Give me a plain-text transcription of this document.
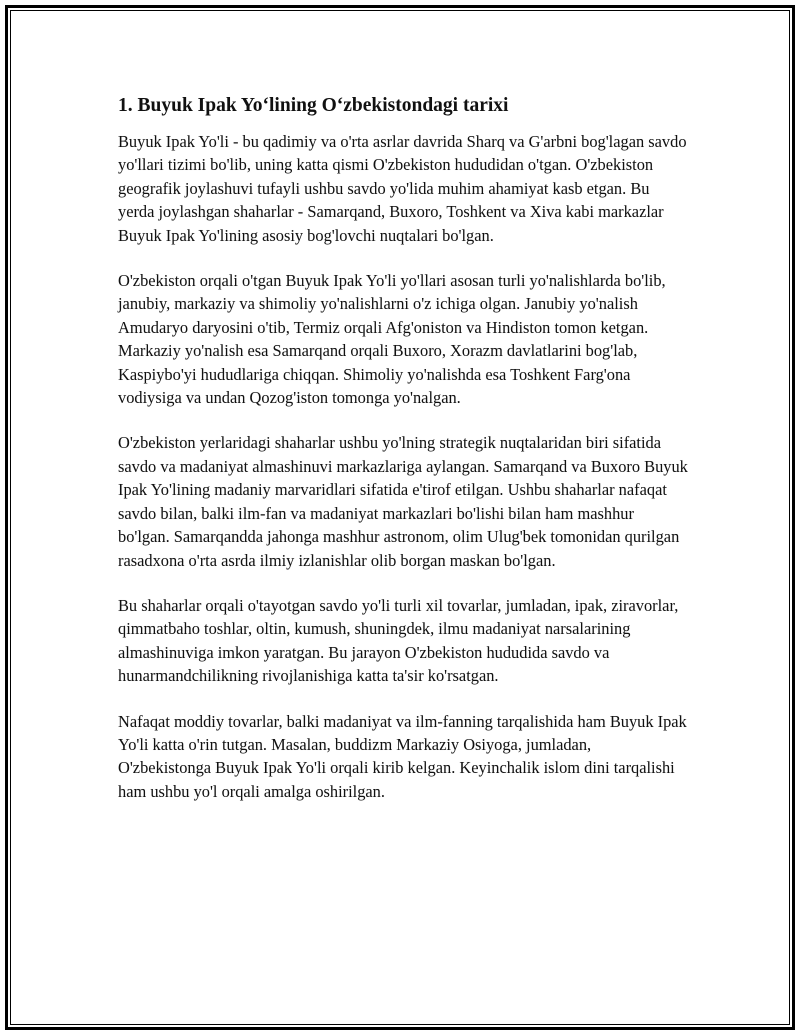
1. Buyuk Ipak Yo‘lining O‘zbekistondagi tarixi

Buyuk Ipak Yo'li - bu qadimiy va o'rta asrlar davrida Sharq va G'arbni bog'lagan savdo yo'llari tizimi bo'lib, uning katta qismi O'zbekiston hududidan o'tgan. O'zbekiston geografik joylashuvi tufayli ushbu savdo yo'lida muhim ahamiyat kasb etgan. Bu yerda joylashgan shaharlar - Samarqand, Buxoro, Toshkent va Xiva kabi markazlar Buyuk Ipak Yo'lining asosiy bog'lovchi nuqtalari bo'lgan.

O'zbekiston orqali o'tgan Buyuk Ipak Yo'li yo'llari asosan turli yo'nalishlarda bo'lib, janubiy, markaziy va shimoliy yo'nalishlarni o'z ichiga olgan. Janubiy yo'nalish Amudaryo daryosini o'tib, Termiz orqali Afg'oniston va Hindiston tomon ketgan. Markaziy yo'nalish esa Samarqand orqali Buxoro, Xorazm davlatlarini bog'lab, Kaspiybo'yi hududlariga chiqqan. Shimoliy yo'nalishda esa Toshkent Farg'ona vodiysiga va undan Qozog'iston tomonga yo'nalgan.

O'zbekiston yerlaridagi shaharlar ushbu yo'lning strategik nuqtalaridan biri sifatida savdo va madaniyat almashinuvi markazlariga aylangan. Samarqand va Buxoro Buyuk Ipak Yo'lining madaniy marvaridlari sifatida e'tirof etilgan. Ushbu shaharlar nafaqat savdo bilan, balki ilm-fan va madaniyat markazlari bo'lishi bilan ham mashhur bo'lgan. Samarqandda jahonga mashhur astronom, olim Ulug'bek tomonidan qurilgan rasadxona o'rta asrda ilmiy izlanishlar olib borgan maskan bo'lgan.

Bu shaharlar orqali o'tayotgan savdo yo'li turli xil tovarlar, jumladan, ipak, ziravorlar, qimmatbaho toshlar, oltin, kumush, shuningdek, ilmu madaniyat narsalarining almashinuviga imkon yaratgan. Bu jarayon O'zbekiston hududida savdo va hunarmandchilikning rivojlanishiga katta ta'sir ko'rsatgan.

Nafaqat moddiy tovarlar, balki madaniyat va ilm-fanning tarqalishida ham Buyuk Ipak Yo'li katta o'rin tutgan. Masalan, buddizm Markaziy Osiyoga, jumladan, O'zbekistonga Buyuk Ipak Yo'li orqali kirib kelgan. Keyinchalik islom dini tarqalishi ham ushbu yo'l orqali amalga oshirilgan.
